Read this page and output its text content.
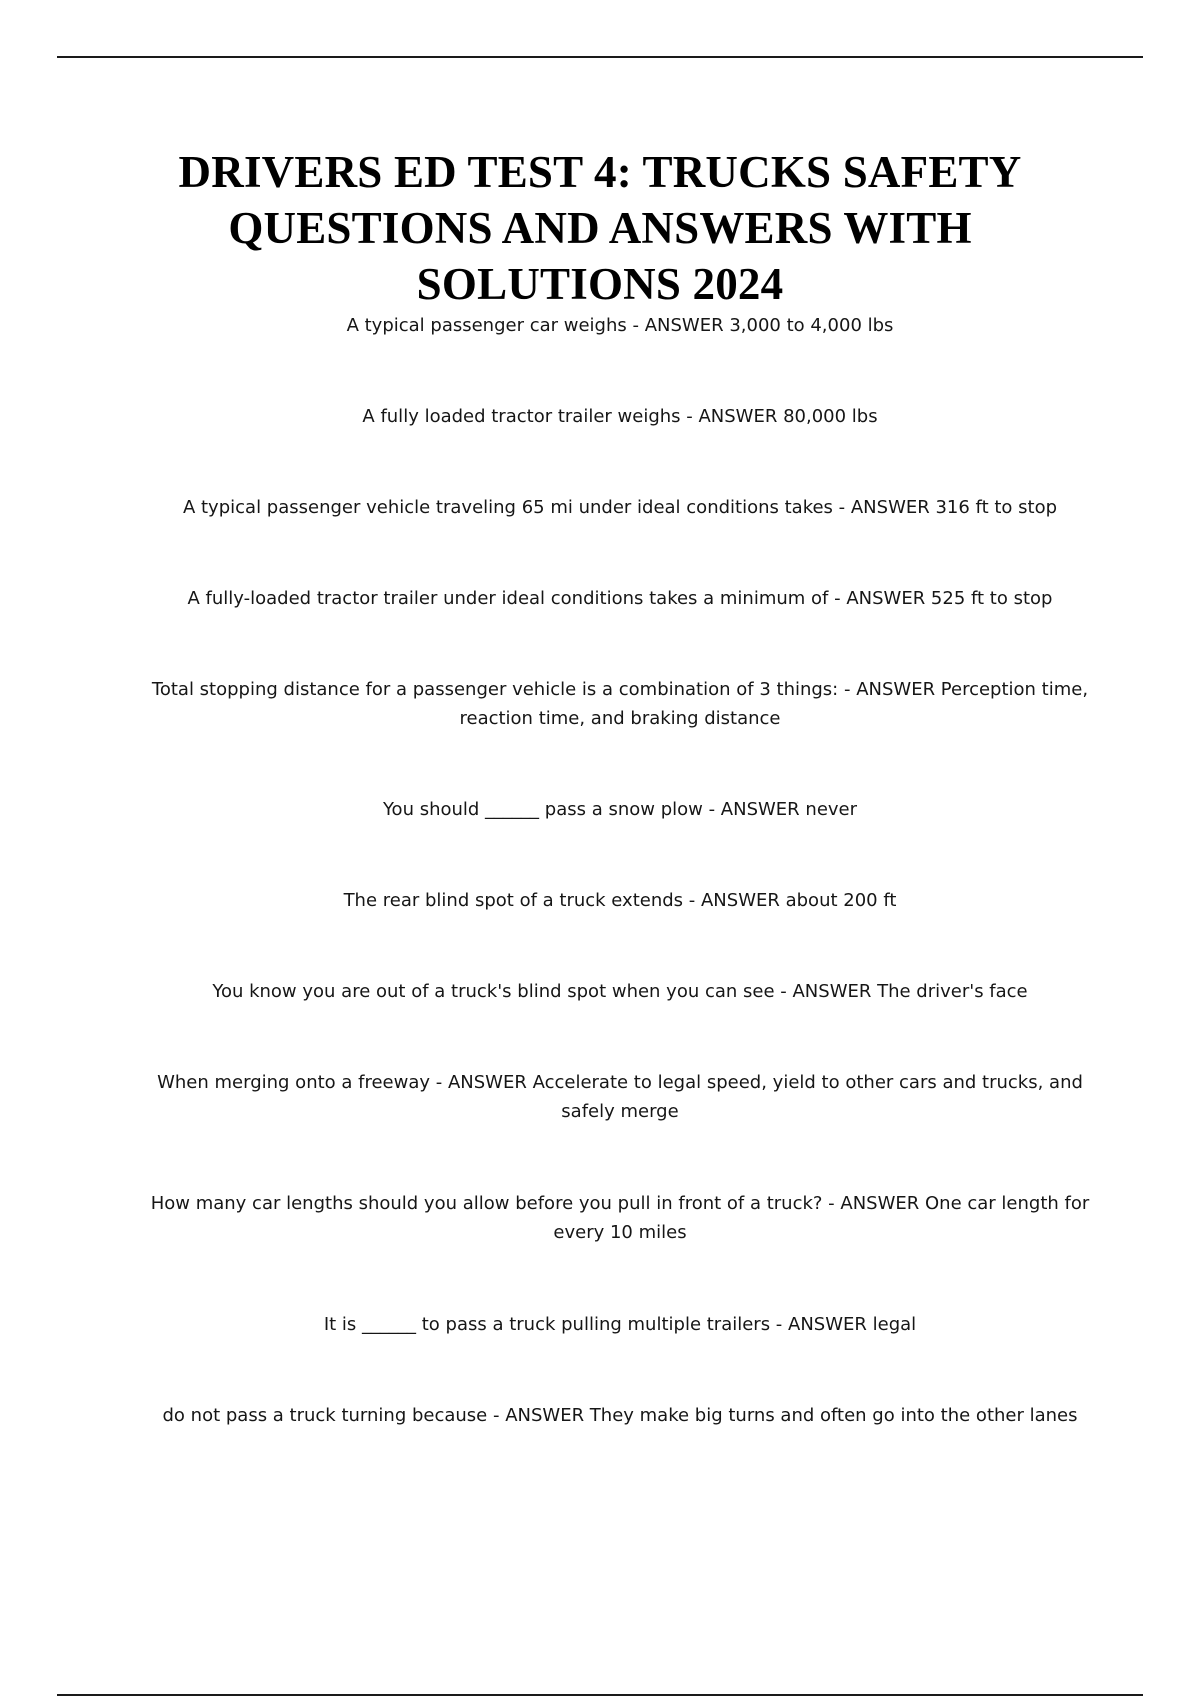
DRIVERS ED TEST 4: TRUCKS SAFETY QUESTIONS AND ANSWERS WITH SOLUTIONS 2024

A typical passenger car weighs - ANSWER 3,000 to 4,000 lbs

A fully loaded tractor trailer weighs - ANSWER 80,000 lbs

A typical passenger vehicle traveling 65 mi under ideal conditions takes - ANSWER 316 ft to stop

A fully-loaded tractor trailer under ideal conditions takes a minimum of - ANSWER 525 ft to stop

Total stopping distance for a passenger vehicle is a combination of 3 things: - ANSWER Perception time, reaction time, and braking distance

You should ______ pass a snow plow - ANSWER never

The rear blind spot of a truck extends - ANSWER about 200 ft

You know you are out of a truck's blind spot when you can see - ANSWER The driver's face

When merging onto a freeway - ANSWER Accelerate to legal speed, yield to other cars and trucks, and safely merge

How many car lengths should you allow before you pull in front of a truck? - ANSWER One car length for every 10 miles

It is ______ to pass a truck pulling multiple trailers - ANSWER legal

do not pass a truck turning because - ANSWER They make big turns and often go into the other lanes
